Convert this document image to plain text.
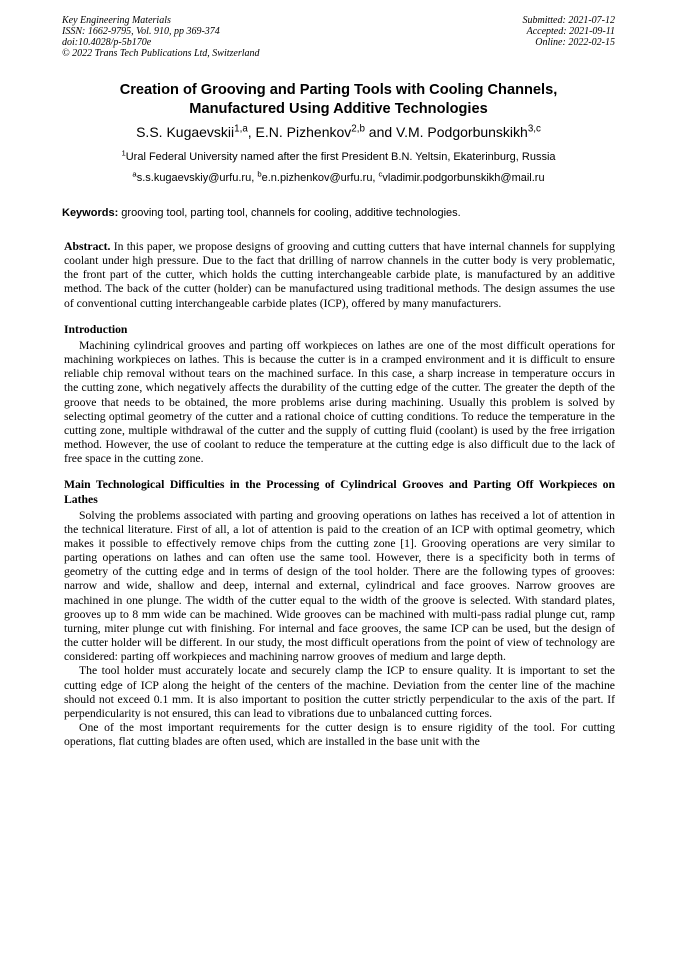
Key Engineering Materials
ISSN: 1662-9795, Vol. 910, pp 369-374
doi:10.4028/p-5b170e
© 2022 Trans Tech Publications Ltd, Switzerland
Submitted: 2021-07-12
Accepted: 2021-09-11
Online: 2022-02-15
Creation of Grooving and Parting Tools with Cooling Channels,
Manufactured Using Additive Technologies
S.S. Kugaevskii$^{1,a}$, E.N. Pizhenkov$^{2,b}$ and V.M. Podgorbunskikh$^{3,c}$
$^1$Ural Federal University named after the first President B.N. Yeltsin, Ekaterinburg, Russia
$^a$s.s.kugaevskiy@urfu.ru, $^b$e.n.pizhenkov@urfu.ru, $^c$vladimir.podgorbunskikh@mail.ru
Keywords: grooving tool, parting tool, channels for cooling, additive technologies.

Abstract. In this paper, we propose designs of grooving and cutting cutters that have internal channels for supplying coolant under high pressure. Due to the fact that drilling of narrow channels in the cutter body is very problematic, the front part of the cutter, which holds the cutting interchangeable carbide plate, is manufactured by an additive method. The back of the cutter (holder) can be manufactured using traditional methods. The design assumes the use of conventional cutting interchangeable carbide plates (ICP), offered by many manufacturers.

Introduction

Machining cylindrical grooves and parting off workpieces on lathes are one of the most difficult operations for machining workpieces on lathes. This is because the cutter is in a cramped environment and it is difficult to ensure reliable chip removal without tears on the machined surface. In this case, a sharp increase in temperature occurs in the cutting zone, which negatively affects the durability of the cutting edge of the cutter. The greater the depth of the groove that needs to be obtained, the more problems arise during machining. Usually this problem is solved by selecting optimal geometry of the cutter and a rational choice of cutting conditions. To reduce the temperature in the cutting zone, multiple withdrawal of the cutter and the supply of cutting fluid (coolant) is used by the free irrigation method. However, the use of coolant to reduce the temperature at the cutting edge is also difficult due to the lack of free space in the cutting zone.

Main Technological Difficulties in the Processing of Cylindrical Grooves and Parting Off Workpieces on Lathes

Solving the problems associated with parting and grooving operations on lathes has received a lot of attention in the technical literature. First of all, a lot of attention is paid to the creation of an ICP with optimal geometry, which makes it possible to effectively remove chips from the cutting zone [1]. Grooving operations are very similar to parting operations on lathes and can often use the same tool. However, there is a specificity both in terms of geometry of the cutting edge and in terms of design of the tool holder. There are the following types of grooves: narrow and wide, shallow and deep, internal and external, cylindrical and face grooves. Narrow grooves are machined in one plunge. The width of the cutter equal to the width of the groove is selected. With standard plates, grooves up to 8 mm wide can be machined. Wide grooves can be machined with multi-pass radial plunge cut, ramp turning, miter plunge cut with finishing. For internal and face grooves, the same ICP can be used, but the design of the cutter holder will be different. In our study, the most difficult operations from the point of view of technology are considered: parting off workpieces and machining narrow grooves of medium and large depth.

The tool holder must accurately locate and securely clamp the ICP to ensure quality. It is important to set the cutting edge of ICP along the height of the centers of the machine. Deviation from the center line of the machine should not exceed 0.1 mm. It is also important to position the cutter strictly perpendicular to the axis of the part. If perpendicularity is not ensured, this can lead to vibrations due to unbalanced cutting forces.

One of the most important requirements for the cutter design is to ensure rigidity of the tool. For cutting operations, flat cutting blades are often used, which are installed in the base unit with the
